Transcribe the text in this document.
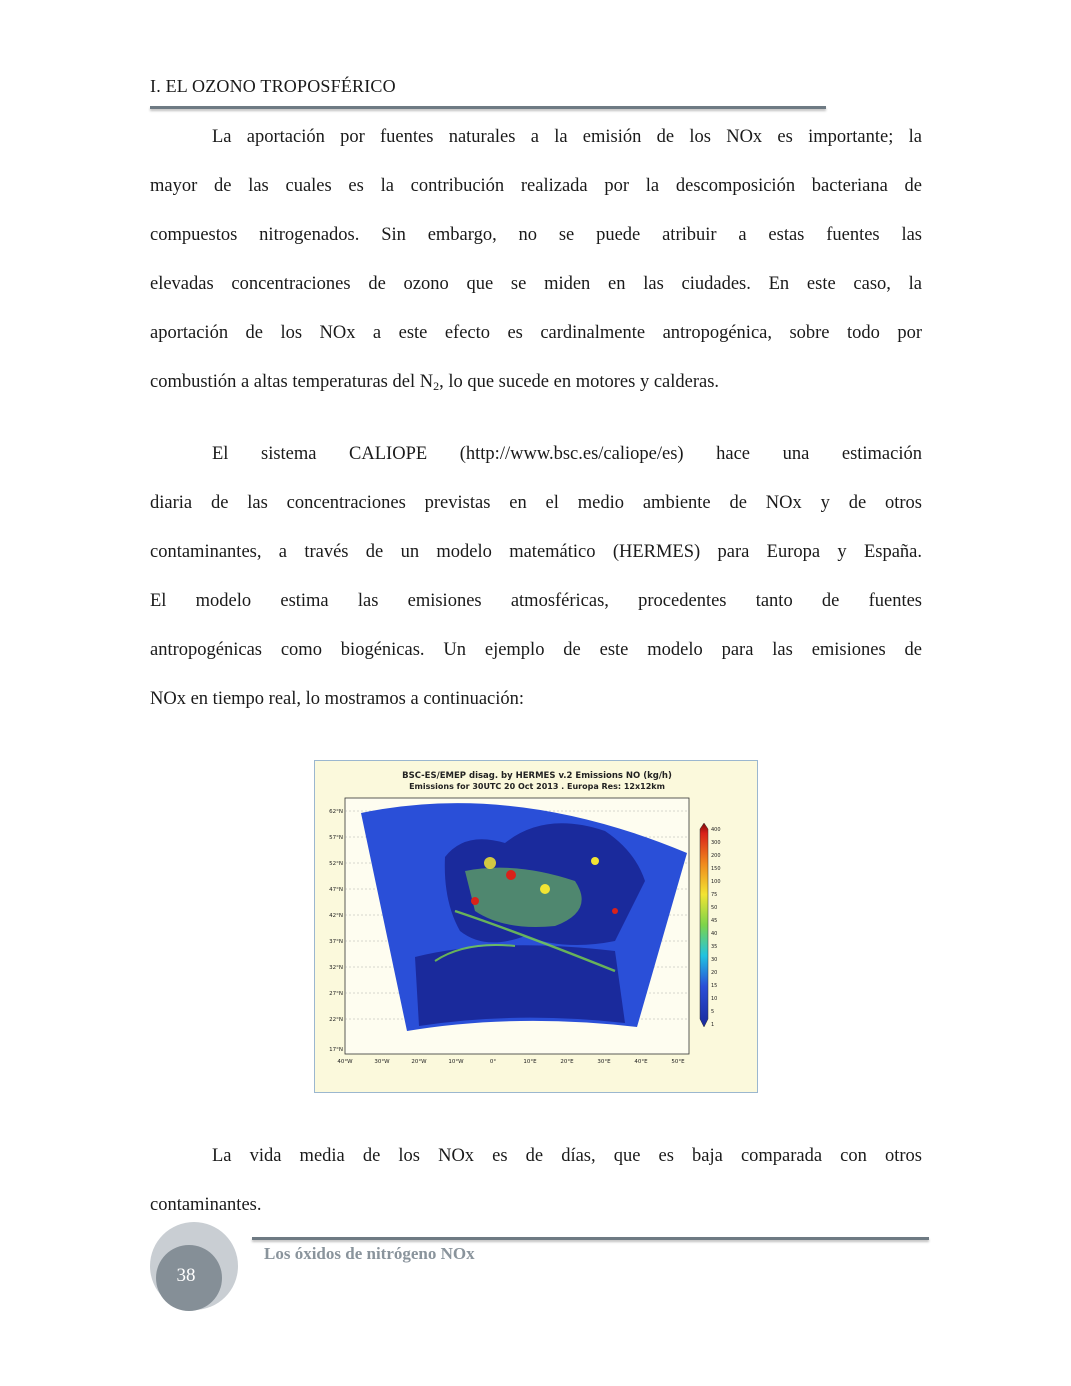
I. EL OZONO TROPOSFÉRICO
La aportación por fuentes naturales a la emisión de los NOx es importante; la
mayor de las cuales es la contribución realizada por la descomposición bacteriana de
compuestos nitrogenados. Sin embargo, no se puede atribuir a estas fuentes las
elevadas concentraciones de ozono que se miden en las ciudades. En este caso, la
aportación de los NOx a este efecto es cardinalmente antropogénica, sobre todo por
combustión a altas temperaturas del $N_2$, lo que sucede en motores y calderas.
El sistema CALIOPE (http://www.bsc.es/caliope/es) hace una estimación
diaria de las concentraciones previstas en el medio ambiente de NOx y de otros
contaminantes, a través de un modelo matemático (HERMES) para Europa y España.
El modelo estima las emisiones atmosféricas, procedentes tanto de fuentes
antropogénicas como biogénicas. Un ejemplo de este modelo para las emisiones de
NOx en tiempo real, lo mostramos a continuación:
BSC-ES/EMEP disag. by HERMES v.2 Emissions NO (kg/h)
Emissions for 30UTC 20 Oct 2013 . Europa Res: 12x12km
62°N
57°N
52°N
47°N
42°N
37°N
32°N
27°N
22°N
17°N
40°W	30°W	20°W	10°W	0°	10°E	20°E	30°E	40°E	50°E
400
300
200
150
100
75
50
45
40
35
30
20
15
10
5
1
La vida media de los NOx es de días, que es baja comparada con otros
contaminantes.
38
Los óxidos de nitrógeno NOx
